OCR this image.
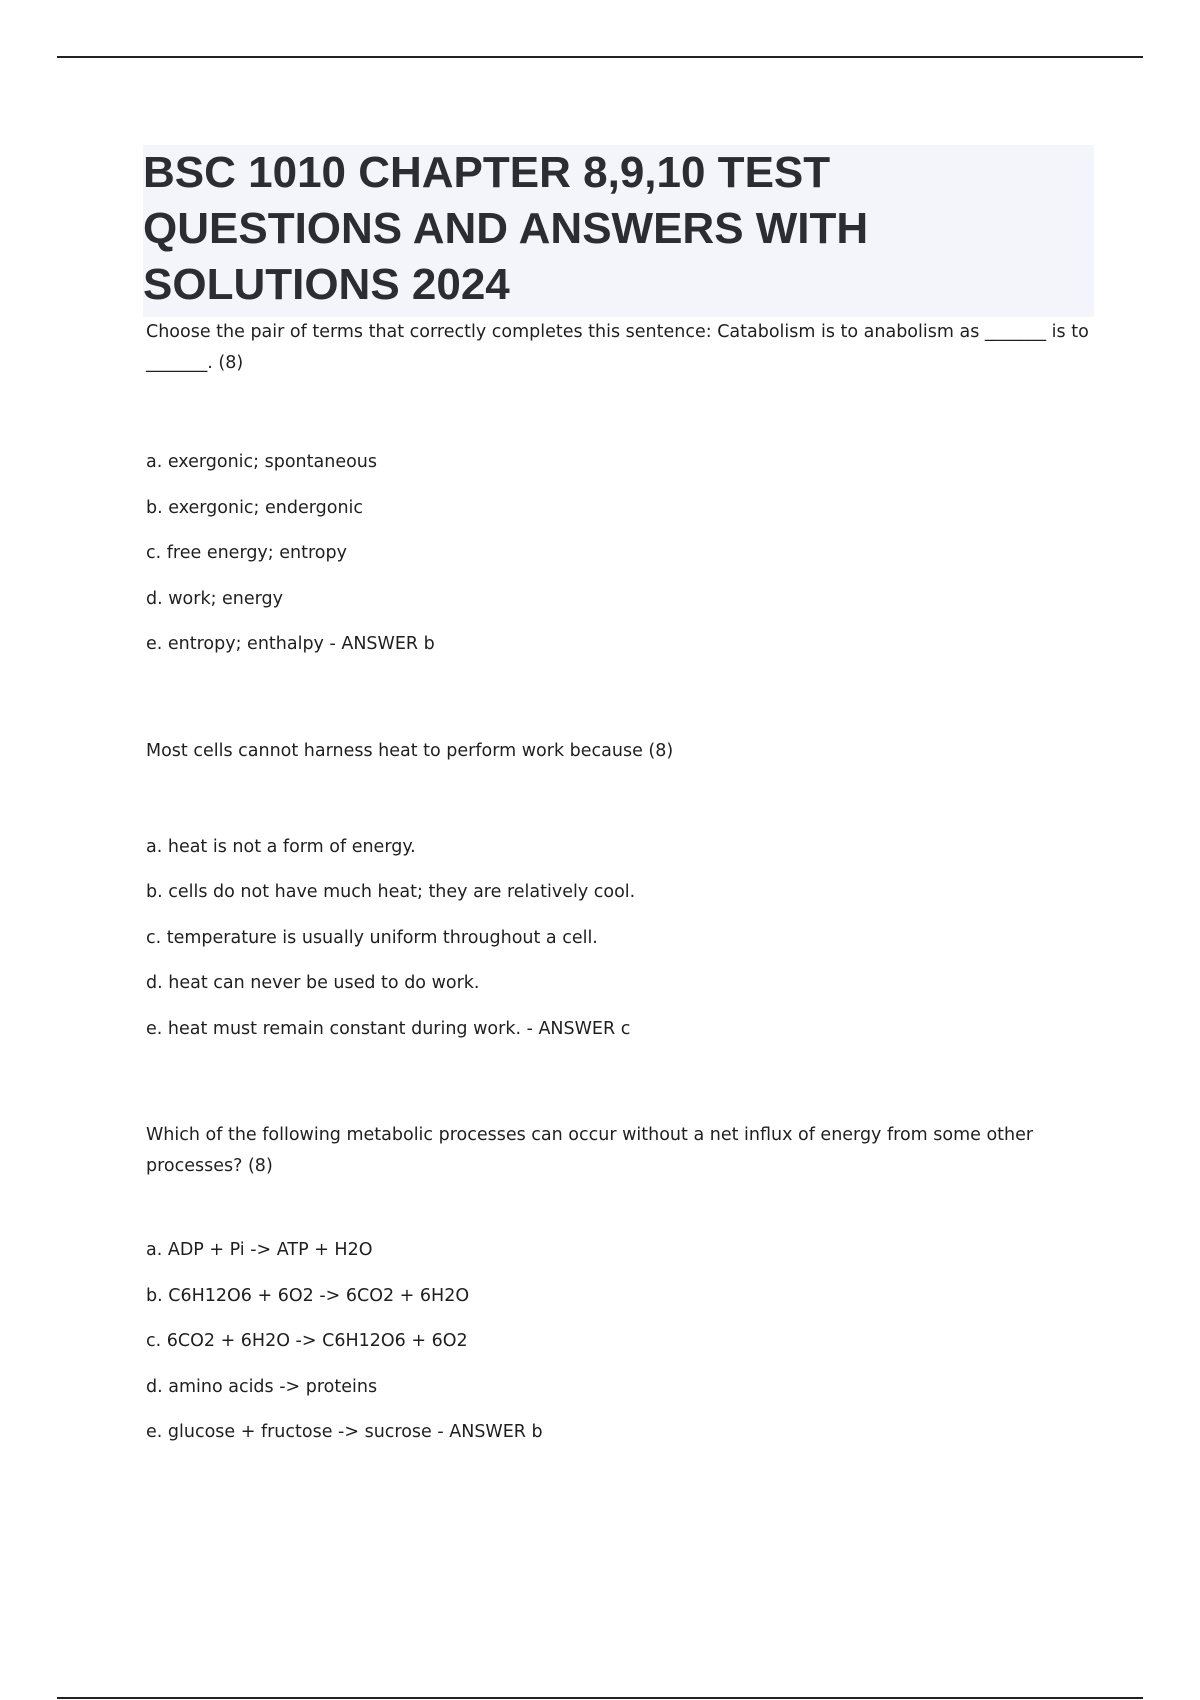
BSC 1010 CHAPTER 8,9,10 TEST QUESTIONS AND ANSWERS WITH SOLUTIONS 2024

Choose the pair of terms that correctly completes this sentence: Catabolism is to anabolism as _______ is to _______. (8)

a. exergonic; spontaneous
b. exergonic; endergonic
c. free energy; entropy
d. work; energy
e. entropy; enthalpy - ANSWER b

Most cells cannot harness heat to perform work because (8)

a. heat is not a form of energy.
b. cells do not have much heat; they are relatively cool.
c. temperature is usually uniform throughout a cell.
d. heat can never be used to do work.
e. heat must remain constant during work. - ANSWER c

Which of the following metabolic processes can occur without a net influx of energy from some other processes? (8)

a. ADP + Pi -> ATP + H2O
b. C6H12O6 + 6O2 -> 6CO2 + 6H2O
c. 6CO2 + 6H2O -> C6H12O6 + 6O2
d. amino acids -> proteins
e. glucose + fructose -> sucrose - ANSWER b
